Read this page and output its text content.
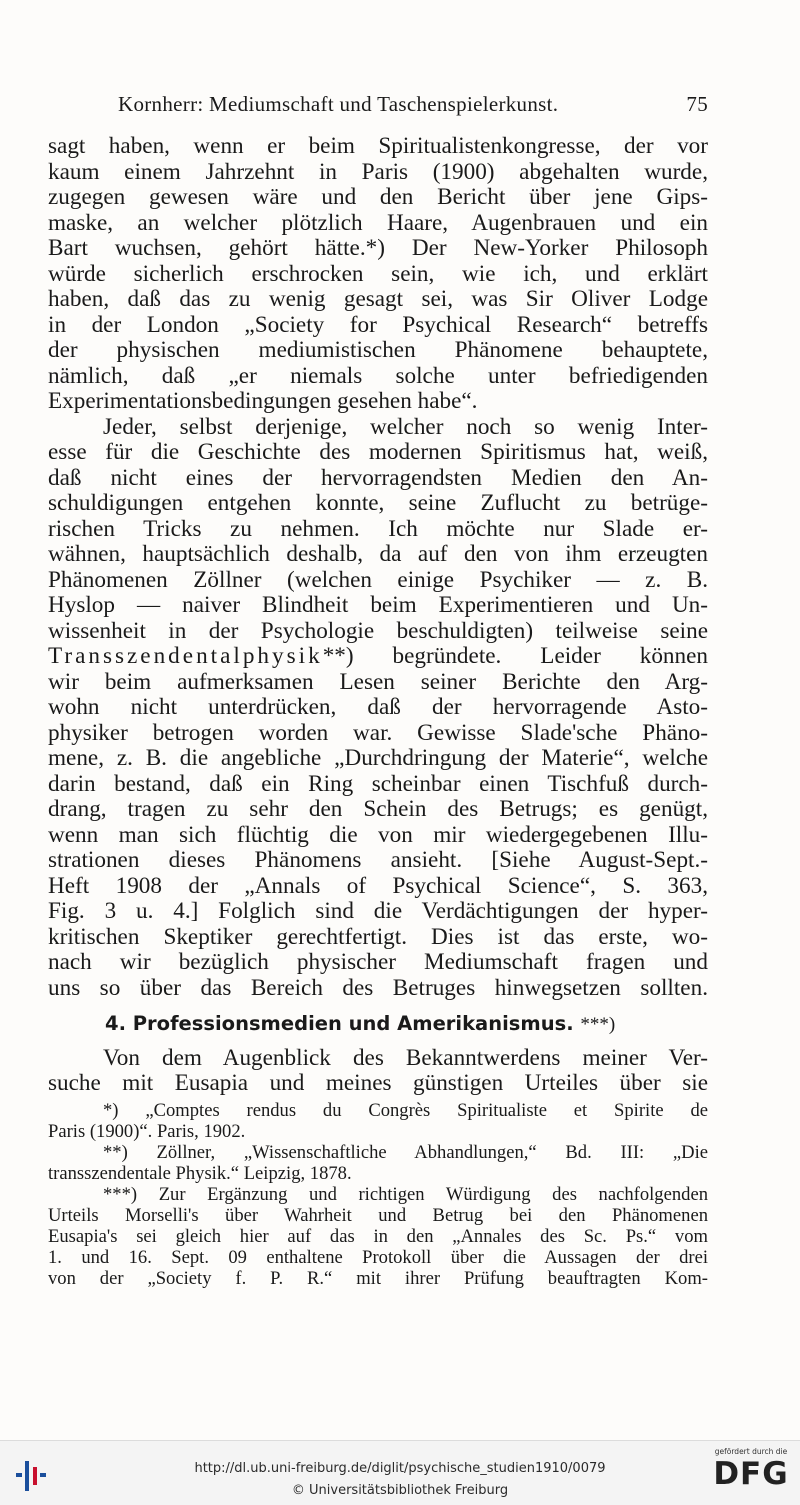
Kornherr: Mediumschaft und Taschenspielerkunst.	75

sagt haben, wenn er beim Spiritualistenkongresse, der vor

kaum einem Jahrzehnt in Paris (1900) abgehalten wurde,

zugegen gewesen wäre und den Bericht über jene Gips-

maske, an welcher plötzlich Haare, Augenbrauen und ein

Bart wuchsen, gehört hätte.*) Der New-Yorker Philosoph

würde sicherlich erschrocken sein, wie ich, und erklärt

haben, daß das zu wenig gesagt sei, was Sir Oliver Lodge

in der London „Society for Psychical Research“ betreffs

der physischen mediumistischen Phänomene behauptete,

nämlich, daß „er niemals solche unter befriedigenden

Experimentationsbedingungen gesehen habe“.

Jeder, selbst derjenige, welcher noch so wenig Inter-

esse für die Geschichte des modernen Spiritismus hat, weiß,

daß nicht eines der hervorragendsten Medien den An-

schuldigungen entgehen konnte, seine Zuflucht zu betrüge-

rischen Tricks zu nehmen. Ich möchte nur Slade er-

wähnen, hauptsächlich deshalb, da auf den von ihm erzeugten

Phänomenen Zöllner (welchen einige Psychiker — z. B.

Hyslop — naiver Blindheit beim Experimentieren und Un-

wissenheit in der Psychologie beschuldigten) teilweise seine

Transszendentalphysik**) begründete. Leider können

wir beim aufmerksamen Lesen seiner Berichte den Arg-

wohn nicht unterdrücken, daß der hervorragende Asto-

physiker betrogen worden war. Gewisse Slade'sche Phäno-

mene, z. B. die angebliche „Durchdringung der Materie“, welche

darin bestand, daß ein Ring scheinbar einen Tischfuß durch-

drang, tragen zu sehr den Schein des Betrugs; es genügt,

wenn man sich flüchtig die von mir wiedergegebenen Illu-

strationen dieses Phänomens ansieht. [Siehe August-Sept.-

Heft 1908 der „Annals of Psychical Science“, S. 363,

Fig. 3 u. 4.] Folglich sind die Verdächtigungen der hyper-

kritischen Skeptiker gerechtfertigt. Dies ist das erste, wo-

nach wir bezüglich physischer Mediumschaft fragen und

uns so über das Bereich des Betruges hinwegsetzen sollten.

4. Professionsmedien und Amerikanismus. ***)

Von dem Augenblick des Bekanntwerdens meiner Ver-

suche mit Eusapia und meines günstigen Urteiles über sie

*) „Comptes rendus du Congrès Spiritualiste et Spirite de

Paris (1900)“. Paris, 1902.

**) Zöllner, „Wissenschaftliche Abhandlungen,“ Bd. III: „Die

transszendentale Physik.“ Leipzig, 1878.

***) Zur Ergänzung und richtigen Würdigung des nachfolgenden

Urteils Morselli's über Wahrheit und Betrug bei den Phänomenen

Eusapia's sei gleich hier auf das in den „Annales des Sc. Ps.“ vom

1. und 16. Sept. 09 enthaltene Protokoll über die Aussagen der drei

von der „Society f. P. R.“ mit ihrer Prüfung beauftragten Kom-

http://dl.ub.uni-freiburg.de/diglit/psychische_studien1910/0079
© Universitätsbibliothek Freiburg
gefördert durch die
DFG
